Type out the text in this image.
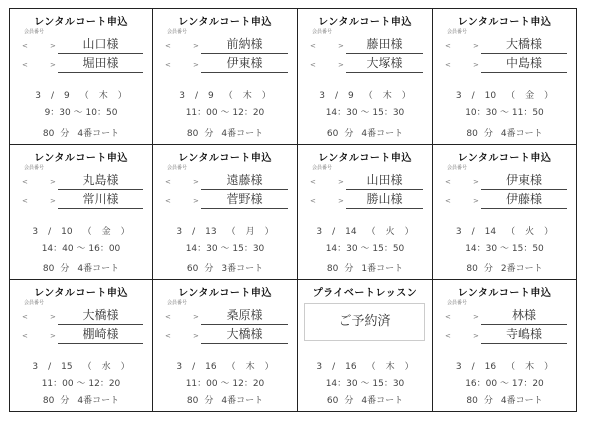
レンタルコート申込
会員番号
<	>	山口様
<	>	堀田様
3 / 9 （ 木 ）
9：30 ～ 10：50
80 分 4番コート
レンタルコート申込
会員番号
<	>	前納様
<	>	伊東様
3 / 9 （ 木 ）
11：00 ～ 12：20
80 分 4番コート
レンタルコート申込
会員番号
<	>	藤田様
<	>	大塚様
3 / 9 （ 木 ）
14：30 ～ 15：30
60 分 4番コート
レンタルコート申込
会員番号
<	>	大橋様
<	>	中島様
3 / 10 （ 金 ）
10：30 ～ 11：50
80 分 4番コート
レンタルコート申込
会員番号
<	>	丸島様
<	>	常川様
3 / 10 （ 金 ）
14：40 ～ 16：00
80 分 4番コート
レンタルコート申込
会員番号
<	>	遠藤様
<	>	菅野様
3 / 13 （ 月 ）
14：30 ～ 15：30
60 分 3番コート
レンタルコート申込
会員番号
<	>	山田様
<	>	勝山様
3 / 14 （ 火 ）
14：30 ～ 15：50
80 分 1番コート
レンタルコート申込
会員番号
<	>	伊東様
<	>	伊藤様
3 / 14 （ 火 ）
14：30 ～ 15：50
80 分 2番コート
レンタルコート申込
会員番号
<	>	大橋様
<	>	棚崎様
3 / 15 （ 水 ）
11：00 ～ 12：20
80 分 4番コート
レンタルコート申込
会員番号
<	>	桑原様
<	>	大橋様
3 / 16 （ 木 ）
11：00 ～ 12：20
80 分 4番コート
プライベートレッスン
ご予約済
3 / 16 （ 木 ）
14：30 ～ 15：30
60 分 4番コート
レンタルコート申込
会員番号
<	>	林様
<	>	寺嶋様
3 / 16 （ 木 ）
16：00 ～ 17：20
80 分 4番コート
